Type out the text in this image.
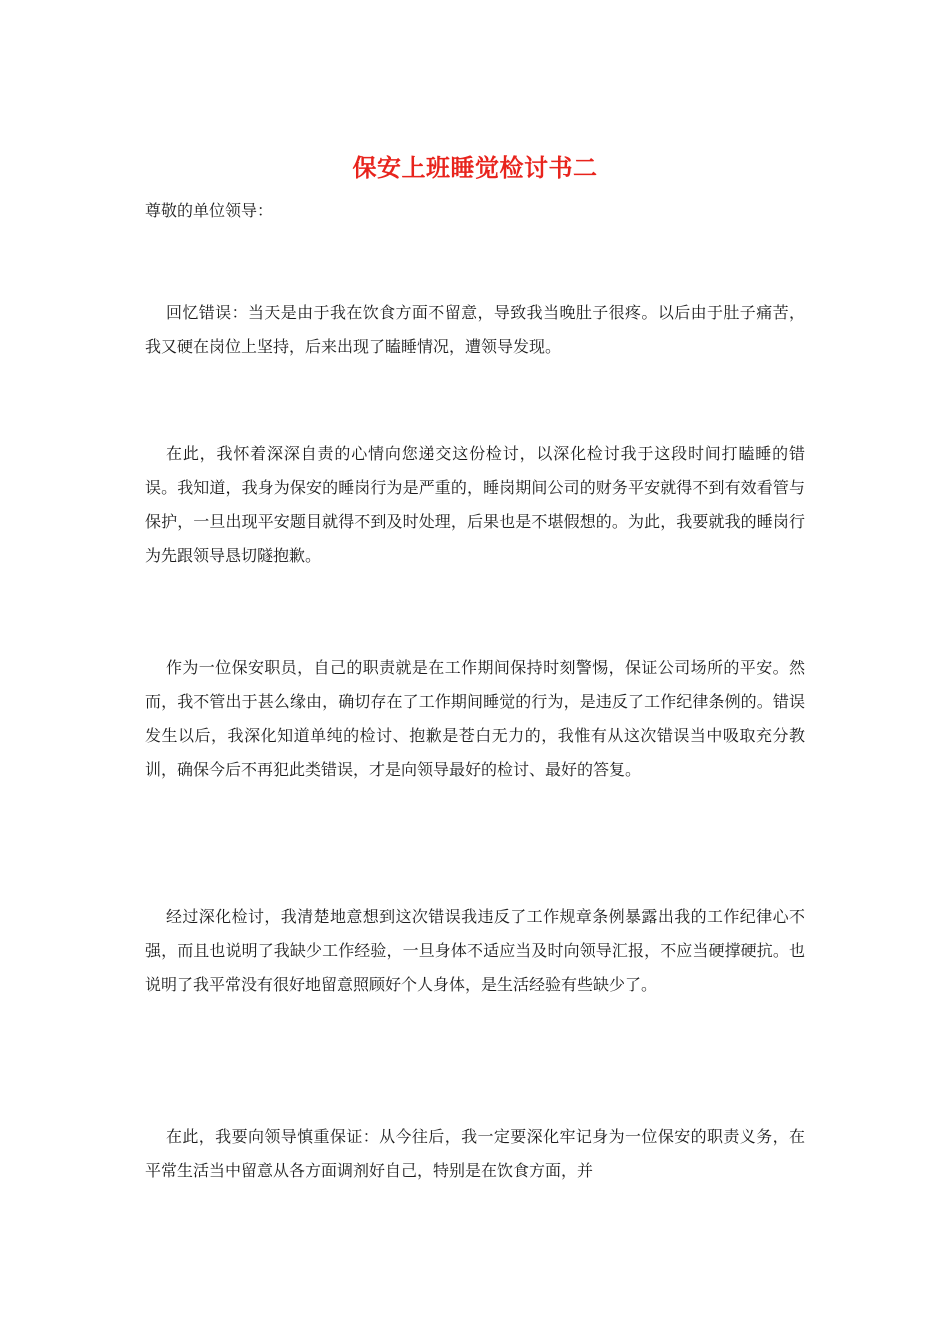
保安上班睡觉检讨书二
尊敬的单位领导：
回忆错误：当天是由于我在饮食方面不留意，导致我当晚肚子很疼。以后由于肚子痛苦，我又硬在岗位上坚持，后来出现了瞌睡情况，遭领导发现。
在此，我怀着深深自责的心情向您递交这份检讨，以深化检讨我于这段时间打瞌睡的错误。我知道，我身为保安的睡岗行为是严重的，睡岗期间公司的财务平安就得不到有效看管与保护，一旦出现平安题目就得不到及时处理，后果也是不堪假想的。为此，我要就我的睡岗行为先跟领导恳切隧抱歉。
作为一位保安职员，自己的职责就是在工作期间保持时刻警惕，保证公司场所的平安。然而，我不管出于甚么缘由，确切存在了工作期间睡觉的行为，是违反了工作纪律条例的。错误发生以后，我深化知道单纯的检讨、抱歉是苍白无力的，我惟有从这次错误当中吸取充分教训，确保今后不再犯此类错误，才是向领导最好的检讨、最好的答复。
经过深化检讨，我清楚地意想到这次错误我违反了工作规章条例暴露出我的工作纪律心不强，而且也说明了我缺少工作经验，一旦身体不适应当及时向领导汇报，不应当硬撑硬抗。也说明了我平常没有很好地留意照顾好个人身体，是生活经验有些缺少了。
在此，我要向领导慎重保证：从今往后，我一定要深化牢记身为一位保安的职责义务，在平常生活当中留意从各方面调剂好自己，特别是在饮食方面，并
